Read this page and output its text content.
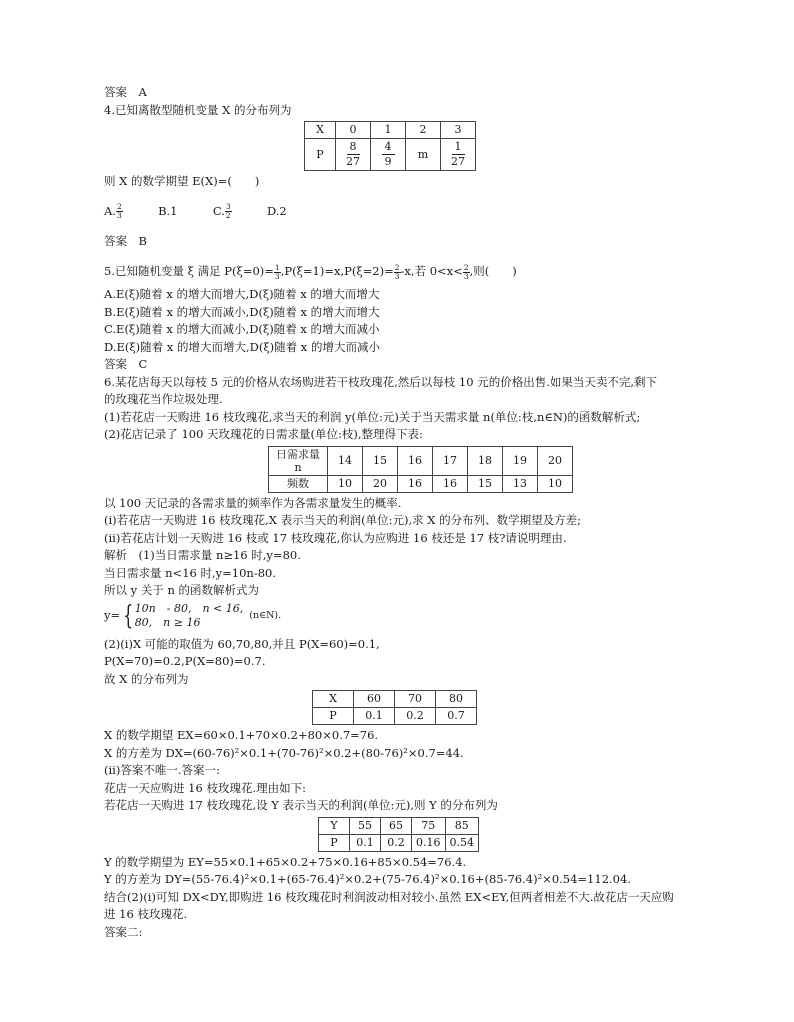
答案　A
4.已知离散型随机变量 X 的分布列为
X	0	1	2	3
P	$\frac{8}{27}$	$\frac{4}{9}$	m	$\frac{1}{27}$
则 X 的数学期望 E(X)=(　　)
A. $\frac{2}{3}$	B.1	C. $\frac{3}{2}$	D.2
答案　B
5.已知随机变量 ξ 满足 $P(\xi=0)= \frac{1}{3} ,P(\xi=1)=x,P(\xi=2)= \frac{2}{3} -x$,若 $0<x< \frac{2}{3}$ ,则(　　)
A.E(ξ)随着 x 的增大而增大,D(ξ)随着 x 的增大而增大
B.E(ξ)随着 x 的增大而减小,D(ξ)随着 x 的增大而增大
C.E(ξ)随着 x 的增大而减小,D(ξ)随着 x 的增大而减小
D.E(ξ)随着 x 的增大而增大,D(ξ)随着 x 的增大而减小
答案　C
6.某花店每天以每枝 5 元的价格从农场购进若干枝玫瑰花,然后以每枝 10 元的价格出售.如果当天卖不完,剩下
的玫瑰花当作垃圾处理.
(1)若花店一天购进 16 枝玫瑰花,求当天的利润 y(单位:元)关于当天需求量 n(单位:枝,n∈N)的函数解析式;
(2)花店记录了 100 天玫瑰花的日需求量(单位:枝),整理得下表:
日需求量
n	14	15	16	17	18	19	20
频数	10	20	16	16	15	13	10
以 100 天记录的各需求量的频率作为各需求量发生的概率.
(i)若花店一天购进 16 枝玫瑰花,X 表示当天的利润(单位:元),求 X 的分布列、数学期望及方差;
(ii)若花店计划一天购进 16 枝或 17 枝玫瑰花,你认为应购进 16 枝还是 17 枝?请说明理由.
解析　(1)当日需求量 n≥16 时,y=80.
当日需求量 n<16 时,y=10n-80.
所以 y 关于 n 的函数解析式为
y= { 10n　- 80,　n < 16,
80,　n ≥ 16
(n∈N).
(2)(i)X 可能的取值为 60,70,80,并且 P(X=60)=0.1,
P(X=70)=0.2,P(X=80)=0.7.
故 X 的分布列为
X	60	70	80
P	0.1	0.2	0.7
X 的数学期望 EX=60×0.1+70×0.2+80×0.7=76.
X 的方差为 DX=(60-76)²×0.1+(70-76)²×0.2+(80-76)²×0.7=44.
(ii)答案不唯一.答案一:
花店一天应购进 16 枝玫瑰花.理由如下:
若花店一天购进 17 枝玫瑰花,设 Y 表示当天的利润(单位:元),则 Y 的分布列为
Y	55	65	75	85
P	0.1	0.2	0.16	0.54
Y 的数学期望为 EY=55×0.1+65×0.2+75×0.16+85×0.54=76.4.
Y 的方差为 DY=(55-76.4)²×0.1+(65-76.4)²×0.2+(75-76.4)²×0.16+(85-76.4)²×0.54=112.04.
结合(2)(i)可知 DX<DY,即购进 16 枝玫瑰花时利润波动相对较小.虽然 EX<EY,但两者相差不大.故花店一天应购
进 16 枝玫瑰花.
答案二:
